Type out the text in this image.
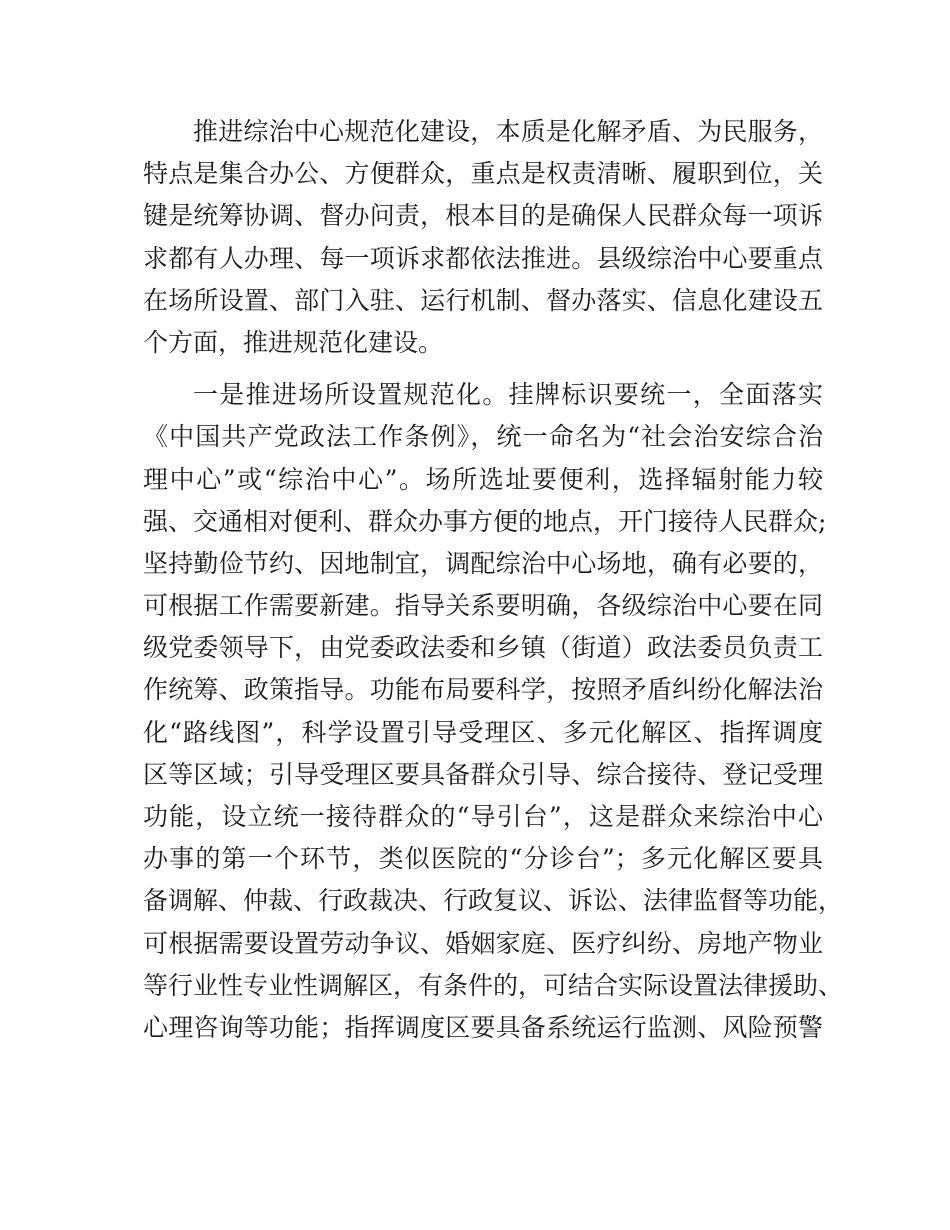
推进综治中心规范化建设，本质是化解矛盾、为民服务，
特点是集合办公、方便群众，重点是权责清晰、履职到位，关
键是统筹协调、督办问责，根本目的是确保人民群众每一项诉
求都有人办理、每一项诉求都依法推进。县级综治中心要重点
在场所设置、部门入驻、运行机制、督办落实、信息化建设五
个方面，推进规范化建设。
一是推进场所设置规范化。挂牌标识要统一，全面落实
《中国共产党政法工作条例》，统一命名为“社会治安综合治
理中心”或“综治中心”。场所选址要便利，选择辐射能力较
强、交通相对便利、群众办事方便的地点，开门接待人民群众;
坚持勤俭节约、因地制宜，调配综治中心场地，确有必要的，
可根据工作需要新建。指导关系要明确，各级综治中心要在同
级党委领导下，由党委政法委和乡镇（街道）政法委员负责工
作统筹、政策指导。功能布局要科学，按照矛盾纠纷化解法治
化“路线图”，科学设置引导受理区、多元化解区、指挥调度
区等区域；引导受理区要具备群众引导、综合接待、登记受理
功能，设立统一接待群众的“导引台”，这是群众来综治中心
办事的第一个环节，类似医院的“分诊台”；多元化解区要具
备调解、仲裁、行政裁决、行政复议、诉讼、法律监督等功能，
可根据需要设置劳动争议、婚姻家庭、医疗纠纷、房地产物业
等行业性专业性调解区，有条件的，可结合实际设置法律援助、
心理咨询等功能；指挥调度区要具备系统运行监测、风险预警
